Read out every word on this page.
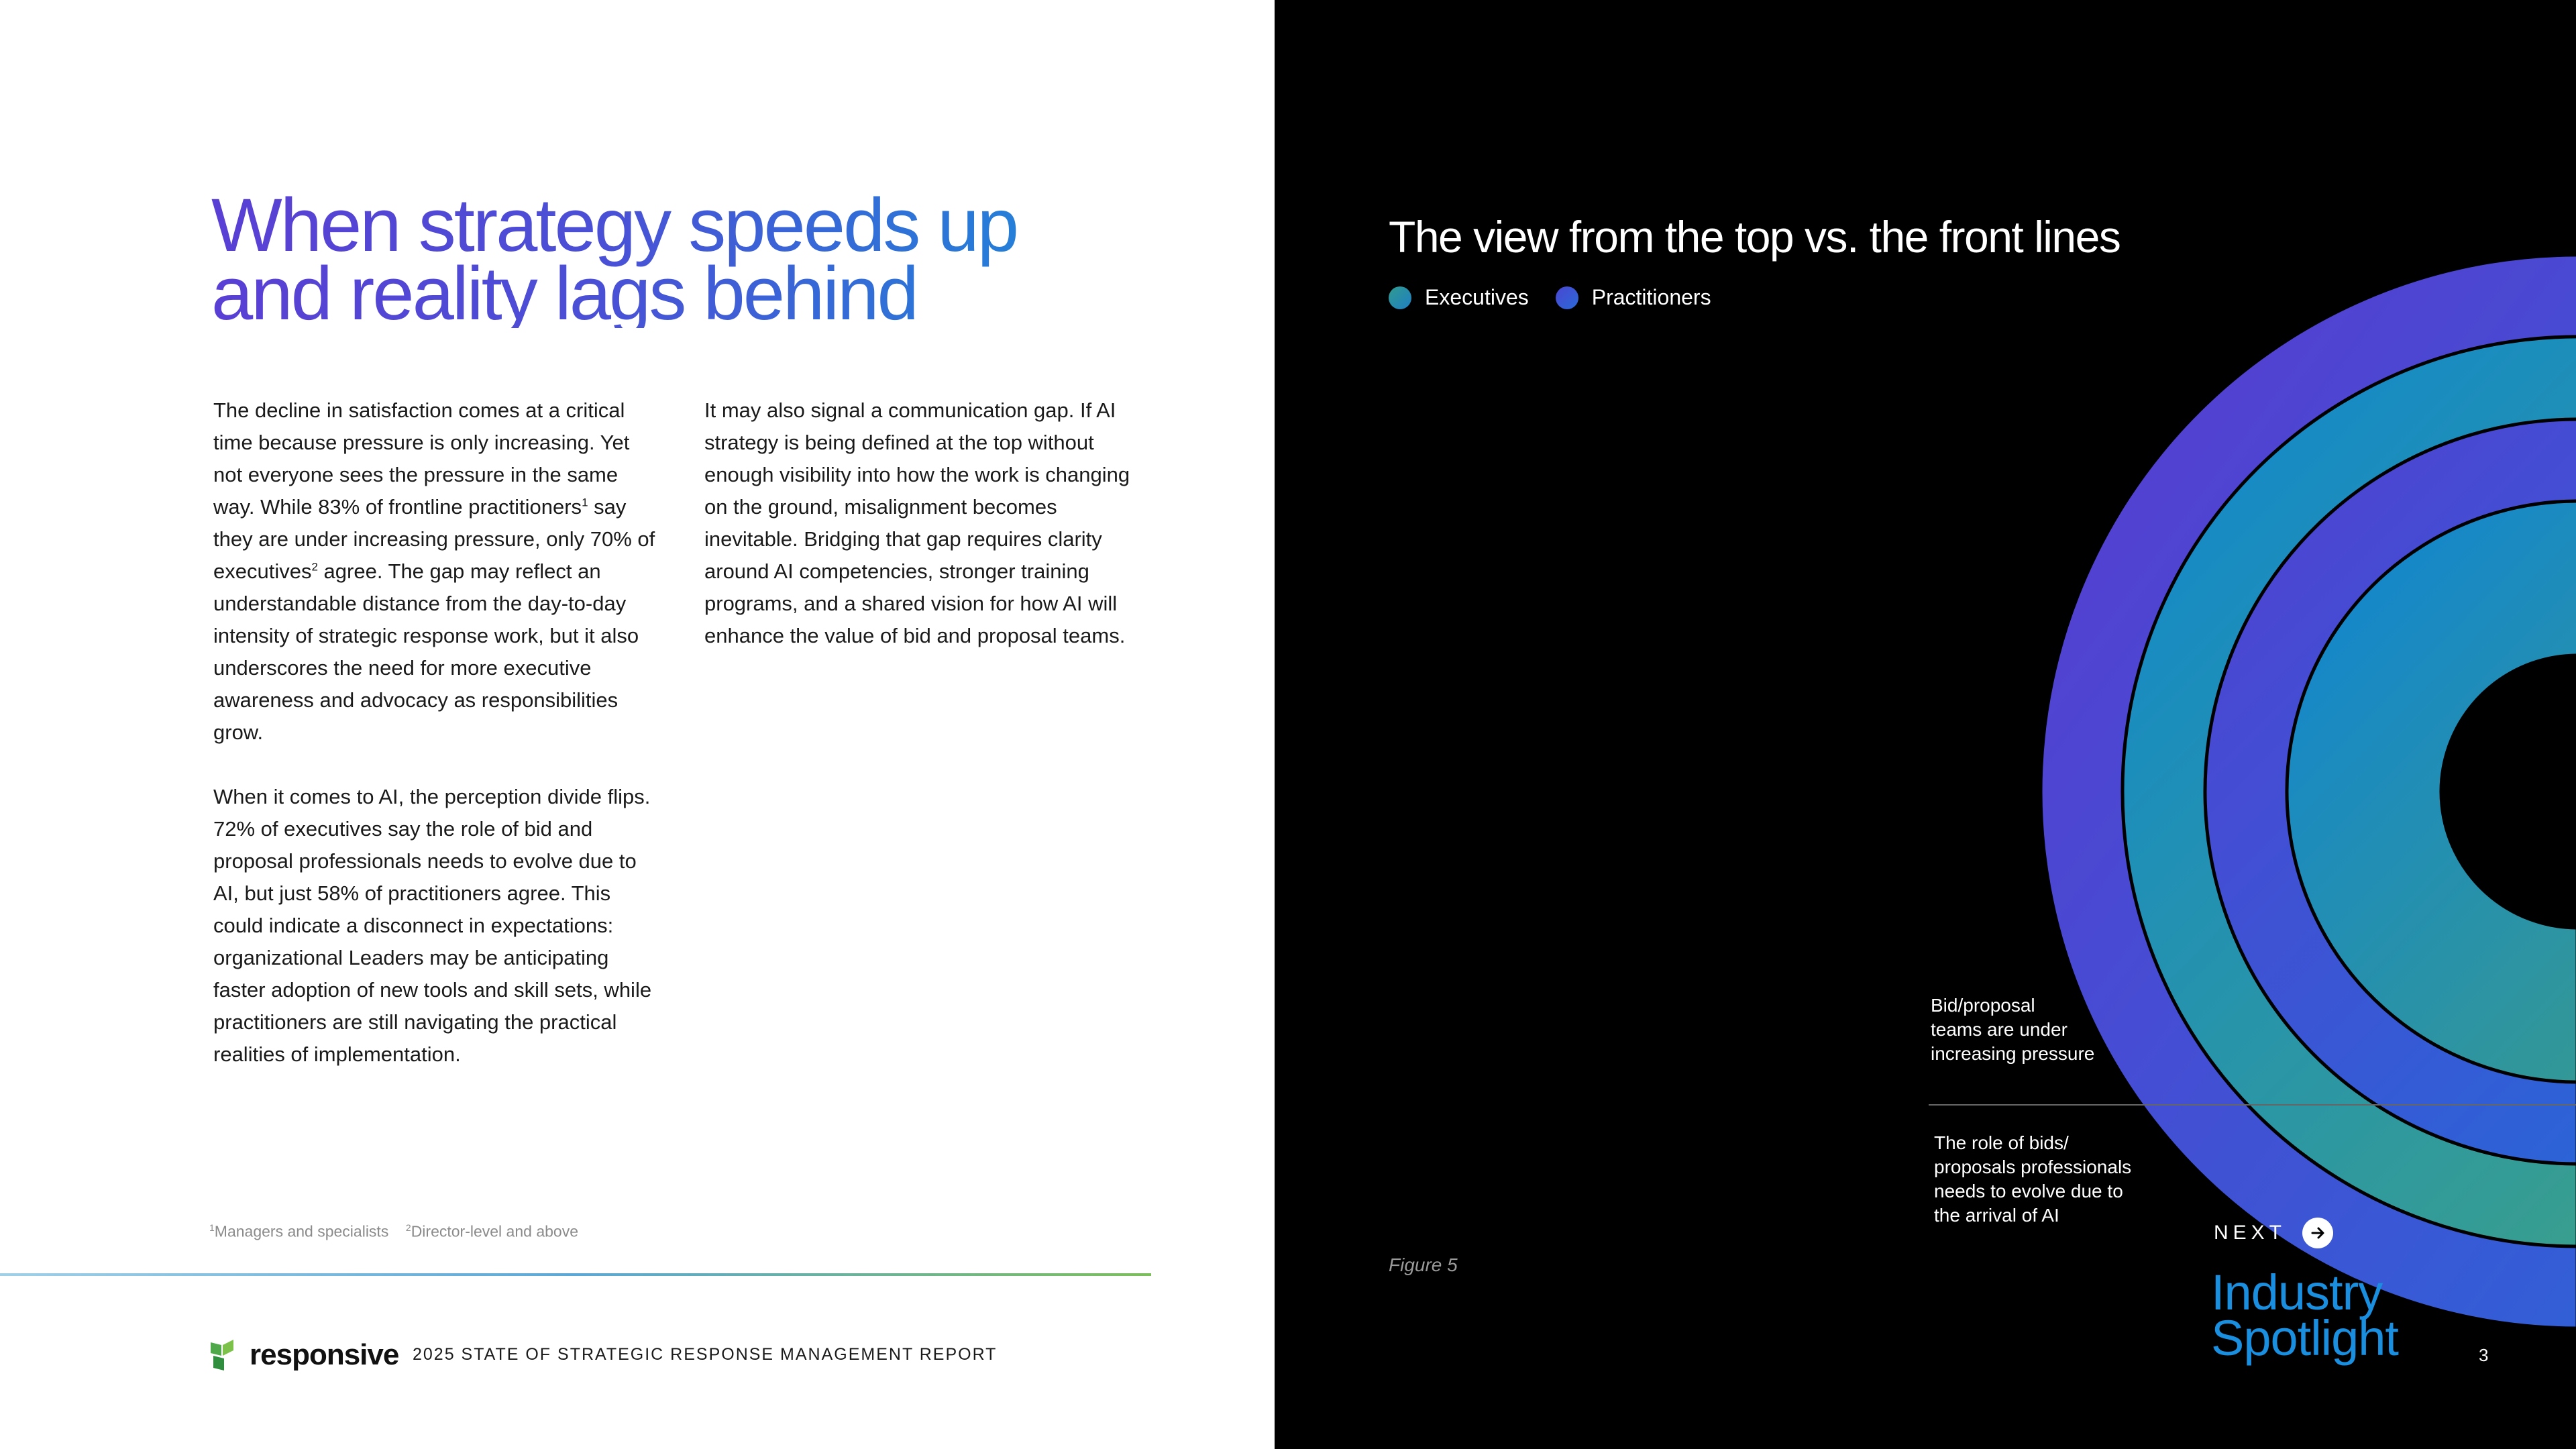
When strategy speeds up
and reality lags behind

The decline in satisfaction comes at a critical time because pressure is only increasing. Yet not everyone sees the pressure in the same way. While 83% of frontline practitioners$^1$ say they are under increasing pressure, only 70% of executives$^2$ agree. The gap may reflect an understandable distance from the day-to-day intensity of strategic response work, but it also underscores the need for more executive awareness and advocacy as responsibilities grow.

When it comes to AI, the perception divide flips. 72% of executives say the role of bid and proposal professionals needs to evolve due to AI, but just 58% of practitioners agree. This could indicate a disconnect in expectations: organizational Leaders may be anticipating faster adoption of new tools and skill sets, while practitioners are still navigating the practical realities of implementation.

It may also signal a communication gap. If AI strategy is being defined at the top without enough visibility into how the work is changing on the ground, misalignment becomes inevitable. Bridging that gap requires clarity around AI competencies, stronger training programs, and a shared vision for how AI will enhance the value of bid and proposal teams.

$^1$Managers and specialists $^2$Director-level and above
responsive 2025 STATE OF STRATEGIC RESPONSE MANAGEMENT REPORT
The view from the top vs. the front lines
Executives	Practitioners
Bid/proposal
teams are under
increasing pressure
The role of bids/
proposals professionals
needs to evolve due to
the arrival of AI
Figure 5
NEXT

Industry Spotlight	3
